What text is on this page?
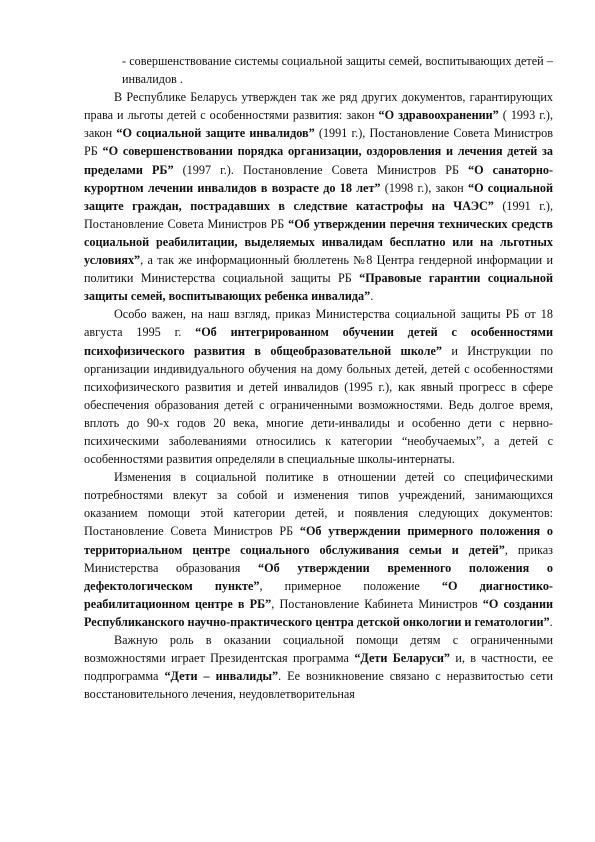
- совершенствование системы социальной защиты семей, воспитывающих детей –инвалидов .

В Республике Беларусь утвержден так же ряд других документов, гарантирующих права и льготы детей с особенностями развития: закон “О здравоохранении” ( 1993 г.), закон “О социальной защите инвалидов” (1991 г.), Постановление Совета Министров РБ “О совершенствовании порядка организации, оздоровления и лечения детей за пределами РБ” (1997 г.). Постановление Совета Министров РБ “О санаторно-курортном лечении инвалидов в возрасте до 18 лет” (1998 г.), закон “О социальной защите граждан, пострадавших в следствие катастрофы на ЧАЭС” (1991 г.), Постановление Совета Министров РБ “Об утверждении перечня технических средств социальной реабилитации, выделяемых инвалидам бесплатно или на льготных условиях”, а так же информационный бюллетень №8 Центра гендерной информации и политики Министерства социальной защиты РБ “Правовые гарантии социальной защиты семей, воспитывающих ребенка инвалида”.

Особо важен, на наш взгляд, приказ Министерства социальной защиты РБ от 18 августа 1995 г. “Об интегрированном обучении детей с особенностями психофизического развития в общеобразовательной школе” и Инструкции по организации индивидуального обучения на дому больных детей, детей с особенностями психофизического развития и детей инвалидов (1995 г.), как явный прогресс в сфере обеспечения образования детей с ограниченными возможностями. Ведь долгое время, вплоть до 90-х годов 20 века, многие дети-инвалиды и особенно дети с нервно-психическими заболеваниями относились к категории “необучаемых”, а детей с особенностями развития определяли в специальные школы-интернаты.

Изменения в социальной политике в отношении детей со специфическими потребностями влекут за собой и изменения типов учреждений, занимающихся оказанием помощи этой категории детей, и появления следующих документов: Постановление Совета Министров РБ “Об утверждении примерного положения о территориальном центре социального обслуживания семьи и детей”, приказ Министерства образования “Об утверждении временного положения о дефектологическом пункте”, примерное положение “О диагностико-реабилитационном центре в РБ”, Постановление Кабинета Министров “О создании Республиканского научно-практического центра детской онкологии и гематологии”.

Важную роль в оказании социальной помощи детям с ограниченными возможностями играет Президентская программа “Дети Беларуси” и, в частности, ее подпрограмма “Дети – инвалиды”. Ее возникновение связано с неразвитостью сети восстановительного лечения, неудовлетворительная
